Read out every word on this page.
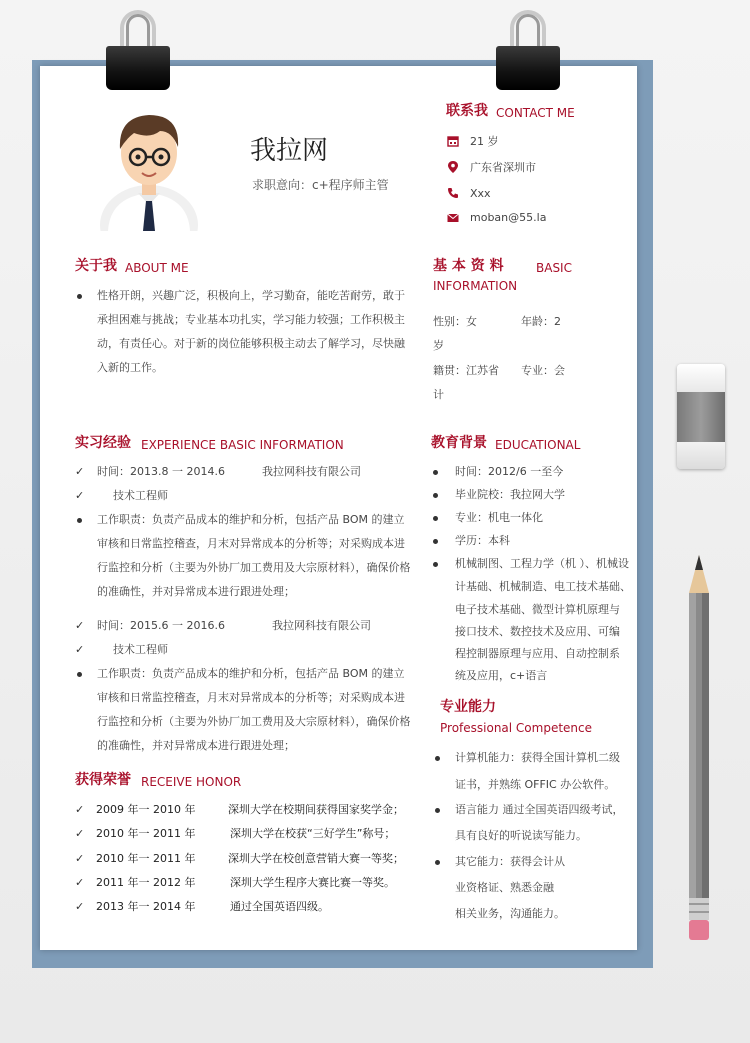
我拉网
求职意向：c+程序师主管
联系我 CONTACT ME
21 岁
广东省深圳市
Xxx
moban@55.la
关于我 ABOUT ME
性格开朗，兴趣广泛，积极向上，学习勤奋，能吃苦耐劳，敢于
承担困难与挑战；专业基本功扎实，学习能力较强；工作积极主
动，有责任心。对于新的岗位能够积极主动去了解学习，尽快融
入新的工作。
基 本 资 料	BASIC
INFORMATION
性别：女	年龄：2
岁
籍贯：江苏省 专业：会
计
实习经验 EXPERIENCE BASIC INFORMATION
✓ 时间：2013.8 一 2014.6	我拉网科技有限公司
✓	技术工程师
工作职责：负责产品成本的维护和分析，包括产品 BOM 的建立
审核和日常监控稽查，月末对异常成本的分析等；对采购成本进
行监控和分析（主要为外协厂加工费用及大宗原材料），确保价格
的准确性，并对异常成本进行跟进处理；
✓ 时间：2015.6 一 2016.6	我拉网科技有限公司
✓	技术工程师
工作职责：负责产品成本的维护和分析，包括产品 BOM 的建立
审核和日常监控稽查，月末对异常成本的分析等；对采购成本进
行监控和分析（主要为外协厂加工费用及大宗原材料），确保价格
的准确性，并对异常成本进行跟进处理；
教育背景 EDUCATIONAL
时间：2012/6 一至今
毕业院校：我拉网大学
专业：机电一体化
学历：本科
机械制图、工程力学（机 ）、机械设
计基础、机械制造、电工技术基础、
电子技术基础、微型计算机原理与
接口技术、数控技术及应用、可编
程控制器原理与应用、自动控制系
统及应用，c+语言
获得荣誉 RECEIVE HONOR
✓ 2009 年一 2010 年	深圳大学在校期间获得国家奖学金；
✓ 2010 年一 2011 年	深圳大学在校获“三好学生”称号；
✓ 2010 年一 2011 年	深圳大学在校创意营销大赛一等奖；
✓ 2011 年一 2012 年	深圳大学生程序大赛比赛一等奖。
✓ 2013 年一 2014 年	通过全国英语四级。
专业能力
Professional Competence
计算机能力：获得全国计算机二级
证书，并熟练 OFFIC 办公软件。
语言能力 通过全国英语四级考试，
具有良好的听说读写能力。
其它能力：获得会计从
业资格证、熟悉金融
相关业务，沟通能力。
